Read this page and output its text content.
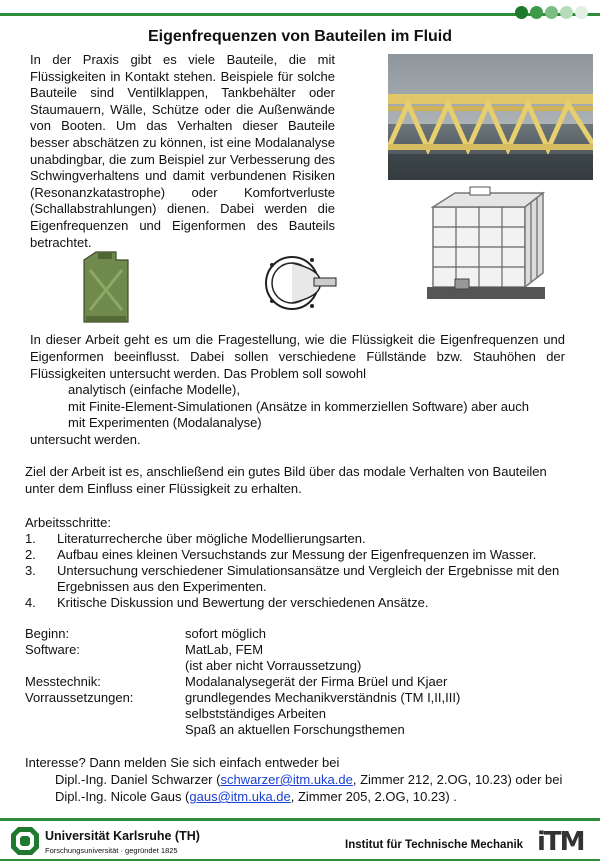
Eigenfrequenzen von Bauteilen im Fluid

In der Praxis gibt es viele Bauteile, die mit Flüssigkeiten in Kontakt stehen. Beispiele für solche Bauteile sind Ventilklappen, Tankbehälter oder Staumauern, Wälle, Schütze oder die Außenwände von Booten. Um das Verhalten dieser Bauteile besser abschätzen zu können, ist eine Modalanalyse unabdingbar, die zum Beispiel zur Verbesserung des Schwingverhaltens und damit verbundenen Risiken (Resonanzkatastrophe) oder Komfortverluste (Schallabstrahlungen) dienen. Dabei werden die Eigenfrequenzen und Eigenformen des Bauteils betrachtet.

In dieser Arbeit geht es um die Fragestellung, wie die Flüssigkeit die Eigenfrequenzen und Eigenformen beeinflusst. Dabei sollen verschiedene Füllstände bzw. Stauhöhen der Flüssigkeiten untersucht werden. Das Problem soll sowohl

analytisch (einfache Modelle),
mit Finite-Element-Simulationen (Ansätze in kommerziellen Software) aber auch
mit Experimenten (Modalanalyse)
untersucht werden.

Ziel der Arbeit ist es, anschließend ein gutes Bild über das modale Verhalten von Bauteilen unter dem Einfluss einer Flüssigkeit zu erhalten.

Arbeitsschritte:
1.	Literaturrecherche über mögliche Modellierungsarten.
2.	Aufbau eines kleinen Versuchstands zur Messung der Eigenfrequenzen im Wasser.
3.	Untersuchung verschiedener Simulationsansätze und Vergleich der Ergebnisse mit den Ergebnissen aus den Experimenten.
4.	Kritische Diskussion und Bewertung der verschiedenen Ansätze.
Beginn:	sofort möglich
Software:	MatLab, FEM
	(ist aber nicht Vorraussetzung)
Messtechnik:	Modalanalysegerät der Firma Brüel und Kjaer
Vorraussetzungen:	grundlegendes Mechanikverständnis (TM I,II,III)
	selbstständiges Arbeiten
	Spaß an aktuellen Forschungsthemen
Interesse? Dann melden Sie sich einfach entweder bei
Dipl.-Ing. Daniel Schwarzer (schwarzer@itm.uka.de, Zimmer 212, 2.OG, 10.23) oder bei
Dipl.-Ing. Nicole Gaus (gaus@itm.uka.de, Zimmer 205, 2.OG, 10.23) .
Universität Karlsruhe (TH)
Forschungsuniversität · gegründet 1825	Institut für Technische Mechanik iTM
